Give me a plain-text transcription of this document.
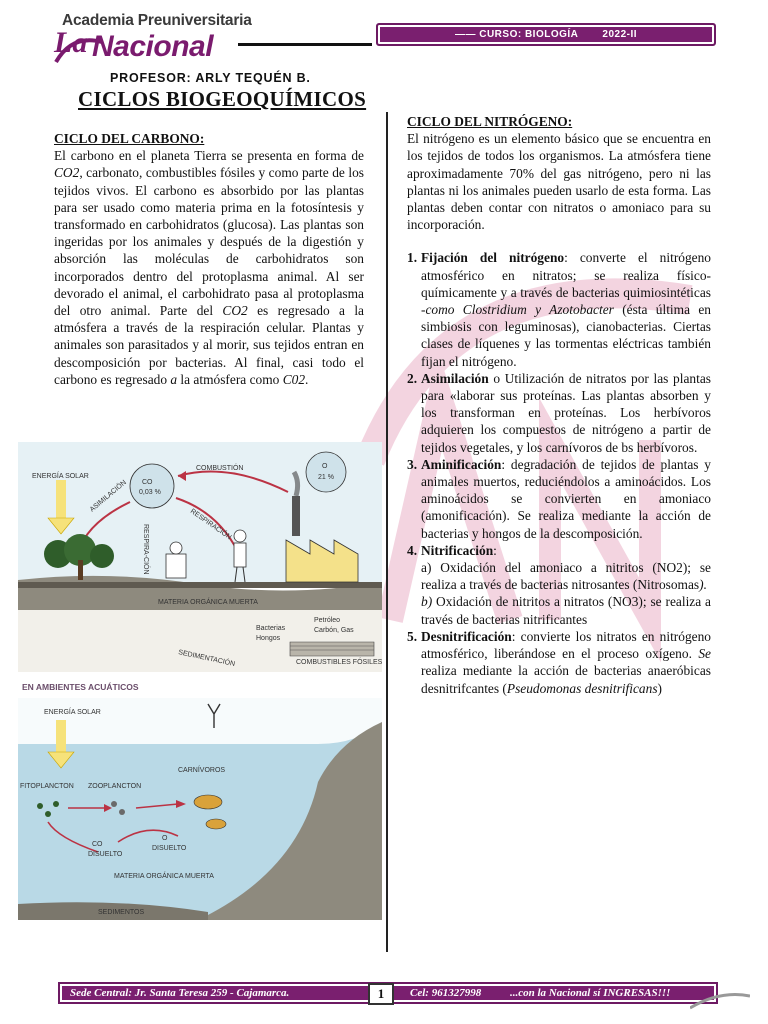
Academia Preuniversitaria
La Nacional	―― CURSO: BIOLOGÍA 2022-II
PROFESOR: ARLY TEQUÉN B.
CICLOS BIOGEOQUÍMICOS
CICLO DEL CARBONO:
El carbono en el planeta Tierra se presenta en forma de CO2, carbonato, combustibles fósiles y como parte de los tejidos vivos. El carbono es absorbido por las plantas para ser usado como materia prima en la fotosíntesis y transformado en carbohidratos (glucosa). Las plantas son ingeridas por los animales y después de la digestión y absorción las moléculas de carbohidratos son incorporados dentro del protoplasma animal. Al ser devorado el animal, el carbohidrato pasa al protoplasma del otro animal. Parte del CO2 es regresado a la atmósfera a través de la respiración celular. Plantas y animales son parasitados y al morir, sus tejidos entran en descomposición por bacterias. Al final, casi todo el carbono es regresado a la atmósfera como C02.
ENERGÍA SOLAR
CO
0,03 %
O
21 %
COMBUSTIÓN
RESPIRACIÓN
ASIMILACIÓN
RESPIRA-CIÓN
Petróleo
Carbón, Gas
MATERIA ORGÁNICA MUERTA
Bacterias
Hongos
SEDIMENTACIÓN	COMBUSTIBLES FÓSILES
EN AMBIENTES ACUÁTICOS
ENERGÍA SOLAR
FITOPLANCTON ZOOPLANCTON
CARNÍVOROS
CO
DISUELTO
O
DISUELTO
MATERIA ORGÁNICA MUERTA
SEDIMENTOS
CICLO DEL NITRÓGENO:
El nitrógeno es un elemento básico que se encuentra en los tejidos de todos los organismos. La atmósfera tiene aproximadamente 70% del gas nitrógeno, pero ni las plantas ni los animales pueden usarlo de esta forma. Las plantas deben contar con nitratos o amoniaco para su incorporación.
1. Fijación del nitrógeno: converte el nitrógeno atmosférico en nitratos; se realiza físico-químicamente y a través de bacterias quimiosintéticas -como Clostridium y Azotobacter (ésta última en simbiosis con leguminosas), cianobacterias. Ciertas clases de líquenes y las tormentas eléctricas también fijan el nitrógeno.
2. Asimilación o Utilización de nitratos por las plantas para «laborar sus proteínas. Las plantas absorben y los transforman en proteínas. Los herbívoros adquieren los compuestos de nitrógeno a partir de tejidos vegetales, y los carnívoros de bs herbívoros.
3. Aminificación: degradación de tejidos de plantas y animales muertos, reduciéndolos a aminoácidos. Los aminoácidos se convierten en amoniaco (amonificación). Se realiza mediante la acción de bacterias y hongos de la descomposición.
4. Nitrificación:
a) Oxidación del amoniaco a nitritos (NO2); se realiza a través de bacterias nitrosantes (Nitrosomas).
b) Oxidación de nitritos a nitratos (NO3); se realiza a través de bacterias nitrificantes
5. Desnitrificación: convierte los nitratos en nitrógeno atmosférico, liberándose en el proceso oxígeno. Se realiza mediante la acción de bacterias anaeróbicas desnitrifcantes (Pseudomonas desnitrificans)
Sede Central: Jr. Santa Teresa 259 - Cajamarca.	Cel: 961327998	...con la Nacional sí INGRESAS!!!
1
